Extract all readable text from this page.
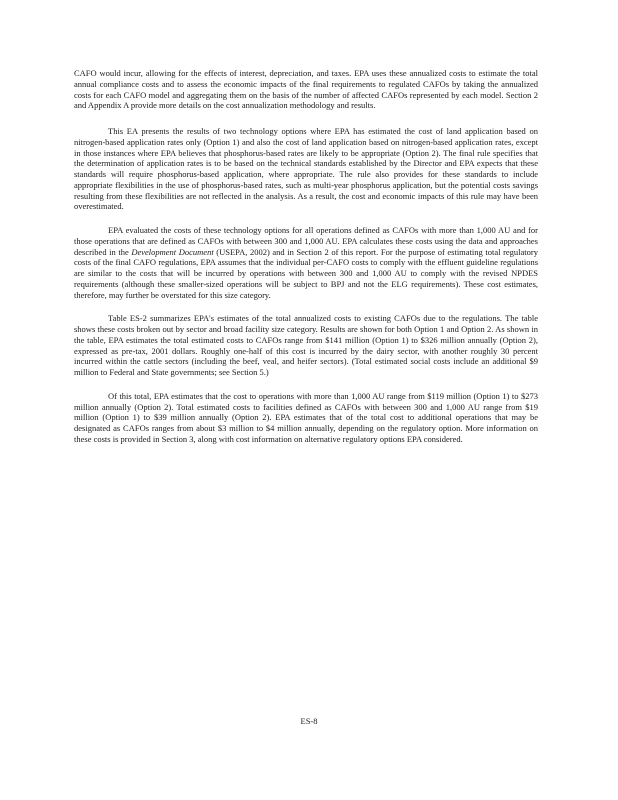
CAFO would incur, allowing for the effects of interest, depreciation, and taxes. EPA uses these annualized costs to estimate the total annual compliance costs and to assess the economic impacts of the final requirements to regulated CAFOs by taking the annualized costs for each CAFO model and aggregating them on the basis of the number of affected CAFOs represented by each model. Section 2 and Appendix A provide more details on the cost annualization methodology and results.

This EA presents the results of two technology options where EPA has estimated the cost of land application based on nitrogen-based application rates only (Option 1) and also the cost of land application based on nitrogen-based application rates, except in those instances where EPA believes that phosphorus-based rates are likely to be appropriate (Option 2). The final rule specifies that the determination of application rates is to be based on the technical standards established by the Director and EPA expects that these standards will require phosphorus-based application, where appropriate. The rule also provides for these standards to include appropriate flexibilities in the use of phosphorus-based rates, such as multi-year phosphorus application, but the potential costs savings resulting from these flexibilities are not reflected in the analysis. As a result, the cost and economic impacts of this rule may have been overestimated.

EPA evaluated the costs of these technology options for all operations defined as CAFOs with more than 1,000 AU and for those operations that are defined as CAFOs with between 300 and 1,000 AU. EPA calculates these costs using the data and approaches described in the Development Document (USEPA, 2002) and in Section 2 of this report. For the purpose of estimating total regulatory costs of the final CAFO regulations, EPA assumes that the individual per-CAFO costs to comply with the effluent guideline regulations are similar to the costs that will be incurred by operations with between 300 and 1,000 AU to comply with the revised NPDES requirements (although these smaller-sized operations will be subject to BPJ and not the ELG requirements). These cost estimates, therefore, may further be overstated for this size category.

Table ES-2 summarizes EPA's estimates of the total annualized costs to existing CAFOs due to the regulations. The table shows these costs broken out by sector and broad facility size category. Results are shown for both Option 1 and Option 2. As shown in the table, EPA estimates the total estimated costs to CAFOs range from $141 million (Option 1) to $326 million annually (Option 2), expressed as pre-tax, 2001 dollars. Roughly one-half of this cost is incurred by the dairy sector, with another roughly 30 percent incurred within the cattle sectors (including the beef, veal, and heifer sectors). (Total estimated social costs include an additional $9 million to Federal and State governments; see Section 5.)

Of this total, EPA estimates that the cost to operations with more than 1,000 AU range from $119 million (Option 1) to $273 million annually (Option 2). Total estimated costs to facilities defined as CAFOs with between 300 and 1,000 AU range from $19 million (Option 1) to $39 million annually (Option 2). EPA estimates that of the total cost to additional operations that may be designated as CAFOs ranges from about $3 million to $4 million annually, depending on the regulatory option. More information on these costs is provided in Section 3, along with cost information on alternative regulatory options EPA considered.

ES-8
